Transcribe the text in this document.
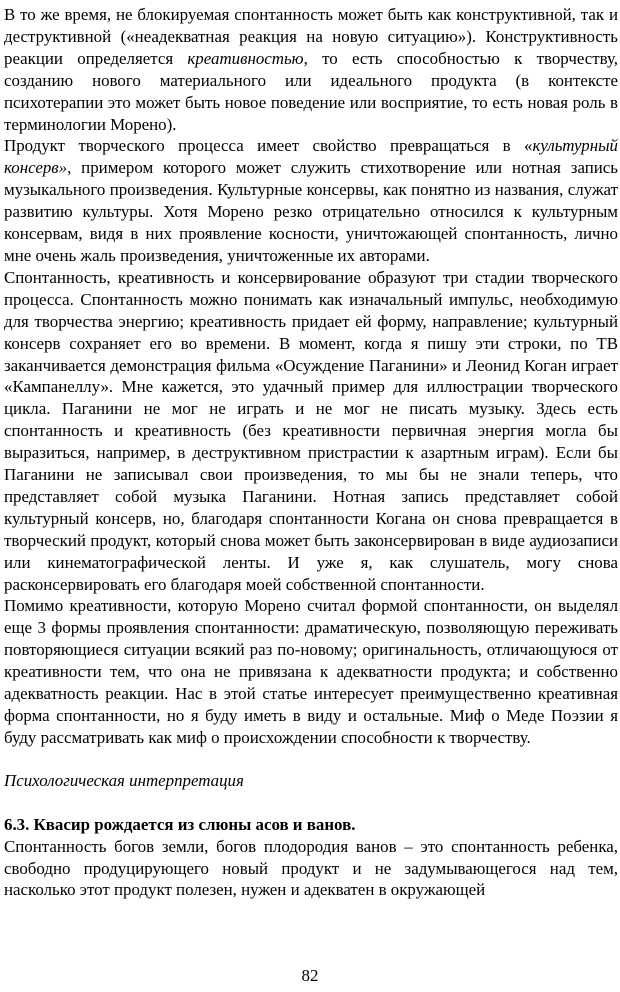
В то же время, не блокируемая спонтанность может быть как конструктивной, так и деструктивной («неадекватная реакция на новую ситуацию»). Конструктивность реакции определяется креативностью, то есть способностью к творчеству, созданию нового материального или идеального продукта (в контексте психотерапии это может быть новое поведение или восприятие, то есть новая роль в терминологии Морено).

Продукт творческого процесса имеет свойство превращаться в «культурный консерв», примером которого может служить стихотворение или нотная запись музыкального произведения. Культурные консервы, как понятно из названия, служат развитию культуры. Хотя Морено резко отрицательно относился к культурным консервам, видя в них проявление косности, уничтожающей спонтанность, лично мне очень жаль произведения, уничтоженные их авторами.

Спонтанность, креативность и консервирование образуют три стадии творческого процесса. Спонтанность можно понимать как изначальный импульс, необходимую для творчества энергию; креативность придает ей форму, направление; культурный консерв сохраняет его во времени. В момент, когда я пишу эти строки, по ТВ заканчивается демонстрация фильма «Осуждение Паганини» и Леонид Коган играет «Кампанеллу». Мне кажется, это удачный пример для иллюстрации творческого цикла. Паганини не мог не играть и не мог не писать музыку. Здесь есть спонтанность и креативность (без креативности первичная энергия могла бы выразиться, например, в деструктивном пристрастии к азартным играм). Если бы Паганини не записывал свои произведения, то мы бы не знали теперь, что представляет собой музыка Паганини. Нотная запись представляет собой культурный консерв, но, благодаря спонтанности Когана он снова превращается в творческий продукт, который снова может быть законсервирован в виде аудиозаписи или кинематографической ленты. И уже я, как слушатель, могу снова расконсервировать его благодаря моей собственной спонтанности.

Помимо креативности, которую Морено считал формой спонтанности, он выделял еще 3 формы проявления спонтанности: драматическую, позволяющую переживать повторяющиеся ситуации всякий раз по-новому; оригинальность, отличающуюся от креативности тем, что она не привязана к адекватности продукта; и собственно адекватность реакции. Нас в этой статье интересует преимущественно креативная форма спонтанности, но я буду иметь в виду и остальные. Миф о Меде Поэзии я буду рассматривать как миф о происхождении способности к творчеству.

Психологическая интерпретация

6.3. Квасир рождается из слюны асов и ванов.

Спонтанность богов земли, богов плодородия ванов – это спонтанность ребенка, свободно продуцирующего новый продукт и не задумывающегося над тем, насколько этот продукт полезен, нужен и адекватен в окружающей

82
